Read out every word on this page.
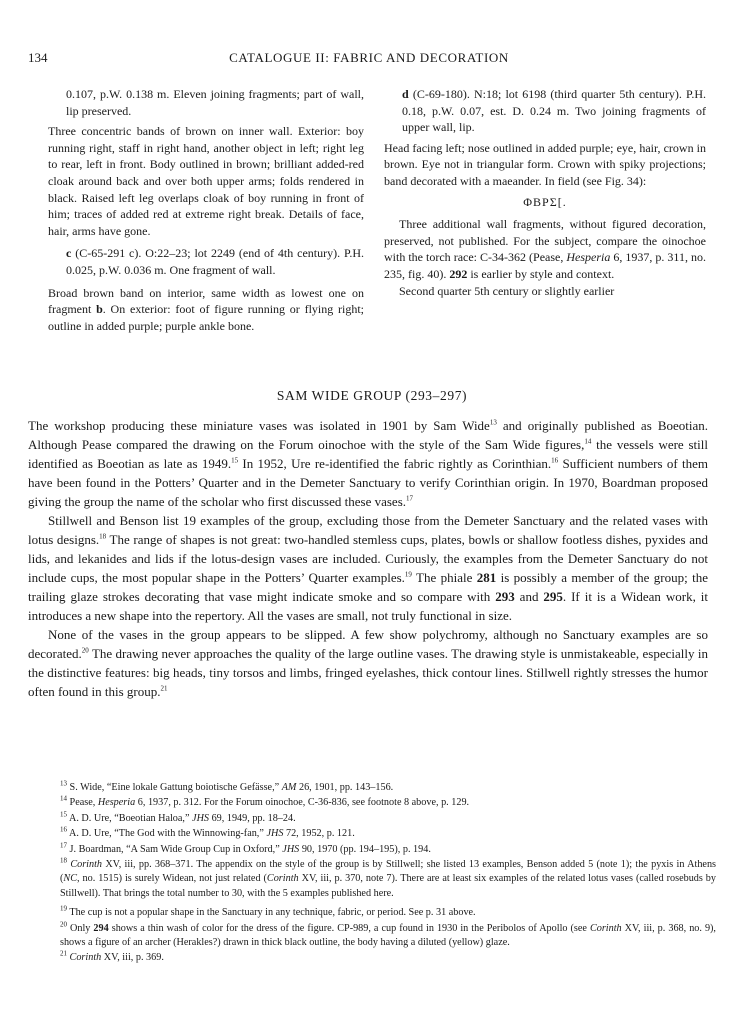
134	CATALOGUE II: FABRIC AND DECORATION

0.107, p.W. 0.138 m. Eleven joining fragments; part of wall, lip preserved.

Three concentric bands of brown on inner wall. Exterior: boy running right, staff in right hand, another object in left; right leg to rear, left in front. Body outlined in brown; brilliant added-red cloak around back and over both upper arms; folds rendered in black. Raised left leg overlaps cloak of boy running in front of him; traces of added red at extreme right break. Details of face, hair, arms have gone.

c (C-65-291 c). O:22–23; lot 2249 (end of 4th century). P.H. 0.025, p.W. 0.036 m. One fragment of wall.

Broad brown band on interior, same width as lowest one on fragment b. On exterior: foot of figure running or flying right; outline in added purple; purple ankle bone.

d (C-69-180). N:18; lot 6198 (third quarter 5th century). P.H. 0.18, p.W. 0.07, est. D. 0.24 m. Two joining fragments of upper wall, lip.

Head facing left; nose outlined in added purple; eye, hair, crown in brown. Eye not in triangular form. Crown with spiky projections; band decorated with a maeander. In field (see Fig. 34):

ΦΒΡΣ[.

Three additional wall fragments, without figured decoration, preserved, not published. For the subject, compare the oinochoe with the torch race: C-34-362 (Pease, Hesperia 6, 1937, p. 311, no. 235, fig. 40). 292 is earlier by style and context.

Second quarter 5th century or slightly earlier

SAM WIDE GROUP (293–297)

The workshop producing these miniature vases was isolated in 1901 by Sam Wide$^{13}$ and originally published as Boeotian. Although Pease compared the drawing on the Forum oinochoe with the style of the Sam Wide figures,$^{14}$ the vessels were still identified as Boeotian as late as 1949.15 In 1952, Ure re-identified the fabric rightly as Corinthian.$^{16}$ Sufficient numbers of them have been found in the Potters’ Quarter and in the Demeter Sanctuary to verify Corinthian origin. In 1970, Boardman proposed giving the group the name of the scholar who first discussed these vases.$^{17}$

Stillwell and Benson list 19 examples of the group, excluding those from the Demeter Sanctuary and the related vases with lotus designs.$^{18}$ The range of shapes is not great: two-handled stemless cups, plates, bowls or shallow footless dishes, pyxides and lids, and lekanides and lids if the lotus-design vases are included. Curiously, the examples from the Demeter Sanctuary do not include cups, the most popular shape in the Potters’ Quarter examples.$^{19}$ The phiale 281 is possibly a member of the group; the trailing glaze strokes decorating that vase might indicate smoke and so compare with 293 and 295. If it is a Widean work, it introduces a new shape into the repertory. All the vases are small, not truly functional in size.

None of the vases in the group appears to be slipped. A few show polychromy, although no Sanctuary examples are so decorated.$^{20}$ The drawing never approaches the quality of the large outline vases. The drawing style is unmistakeable, especially in the distinctive features: big heads, tiny torsos and limbs, fringed eyelashes, thick contour lines. Stillwell rightly stresses the humor often found in this group.$^{21}$

$^{13}$ S. Wide, “Eine lokale Gattung boiotische Gefässe,” AM 26, 1901, pp. 143–156.

$^{14}$ Pease, Hesperia 6, 1937, p. 312. For the Forum oinochoe, C-36-836, see footnote 8 above, p. 129.

$^{15}$ A. D. Ure, “Boeotian Haloa,” JHS 69, 1949, pp. 18–24.

$^{16}$ A. D. Ure, “The God with the Winnowing-fan,” JHS 72, 1952, p. 121.

$^{17}$ J. Boardman, “A Sam Wide Group Cup in Oxford,” JHS 90, 1970 (pp. 194–195), p. 194.

$^{18}$ Corinth XV, iii, pp. 368–371. The appendix on the style of the group is by Stillwell; she listed 13 examples, Benson added 5 (note 1); the pyxis in Athens (NC, no. 1515) is surely Widean, not just related (Corinth XV, iii, p. 370, note 7). There are at least six examples of the related lotus vases (called rosebuds by Stillwell). That brings the total number to 30, with the 5 examples published here.

$^{19}$ The cup is not a popular shape in the Sanctuary in any technique, fabric, or period. See p. 31 above.

$^{20}$ Only 294 shows a thin wash of color for the dress of the figure. CP-989, a cup found in 1930 in the Peribolos of Apollo (see Corinth XV, iii, p. 368, no. 9), shows a figure of an archer (Herakles?) drawn in thick black outline, the body having a diluted (yellow) glaze.

$^{21}$ Corinth XV, iii, p. 369.
